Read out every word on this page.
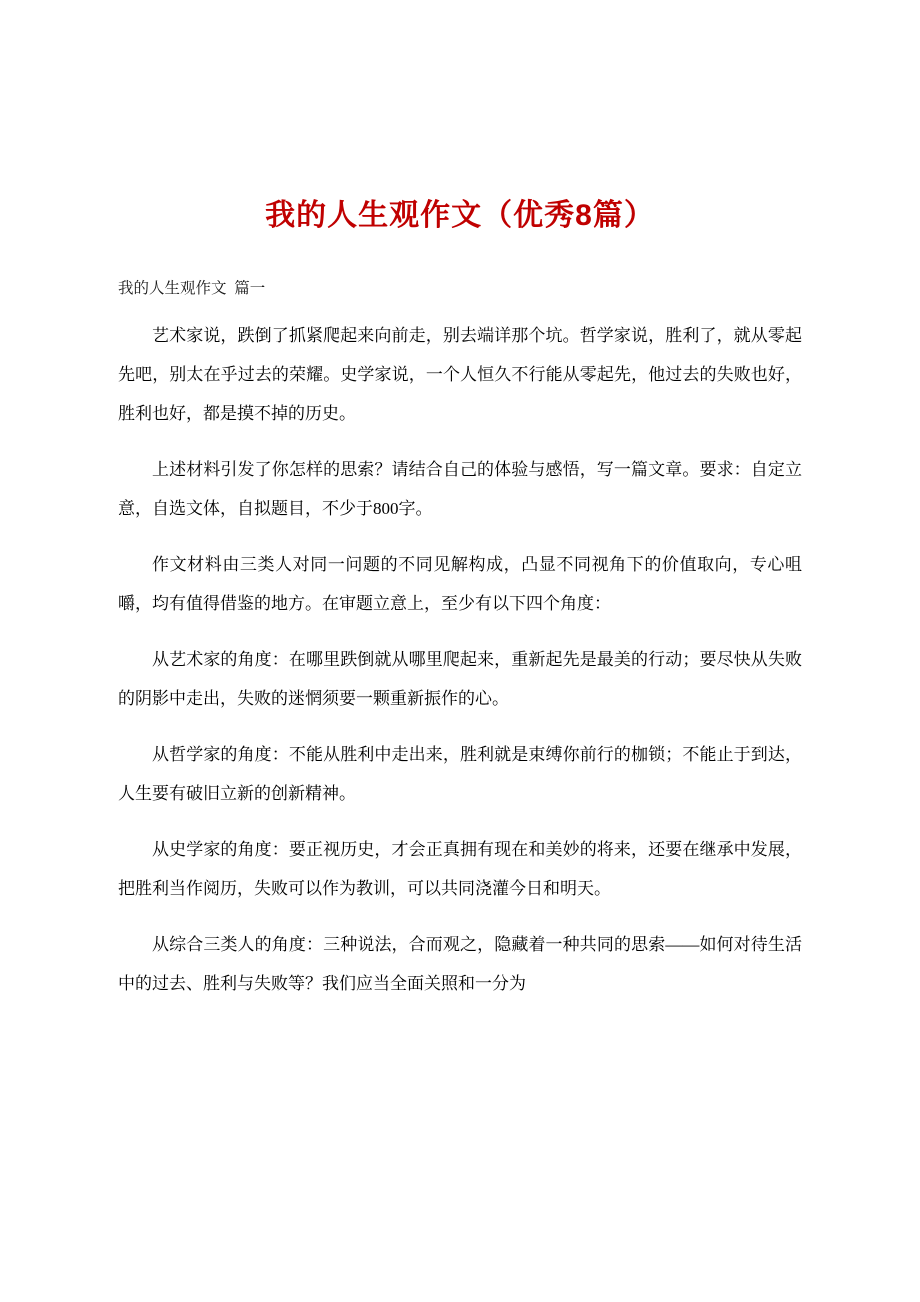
我的人生观作文（优秀8篇）
我的人生观作文  篇一

艺术家说，跌倒了抓紧爬起来向前走，别去端详那个坑。哲学家说，胜利了，就从零起先吧，别太在乎过去的荣耀。史学家说，一个人恒久不行能从零起先，他过去的失败也好，胜利也好，都是摸不掉的历史。

上述材料引发了你怎样的思索？请结合自己的体验与感悟，写一篇文章。要求：自定立意，自选文体，自拟题目，不少于800字。

作文材料由三类人对同一问题的不同见解构成，凸显不同视角下的价值取向，专心咀嚼，均有值得借鉴的地方。在审题立意上，至少有以下四个角度：

从艺术家的角度：在哪里跌倒就从哪里爬起来，重新起先是最美的行动；要尽快从失败的阴影中走出，失败的迷惘须要一颗重新振作的心。

从哲学家的角度：不能从胜利中走出来，胜利就是束缚你前行的枷锁；不能止于到达，人生要有破旧立新的创新精神。

从史学家的角度：要正视历史，才会正真拥有现在和美妙的将来，还要在继承中发展，把胜利当作阅历，失败可以作为教训，可以共同浇灌今日和明天。

从综合三类人的角度：三种说法，合而观之，隐藏着一种共同的思索——如何对待生活中的过去、胜利与失败等？我们应当全面关照和一分为
